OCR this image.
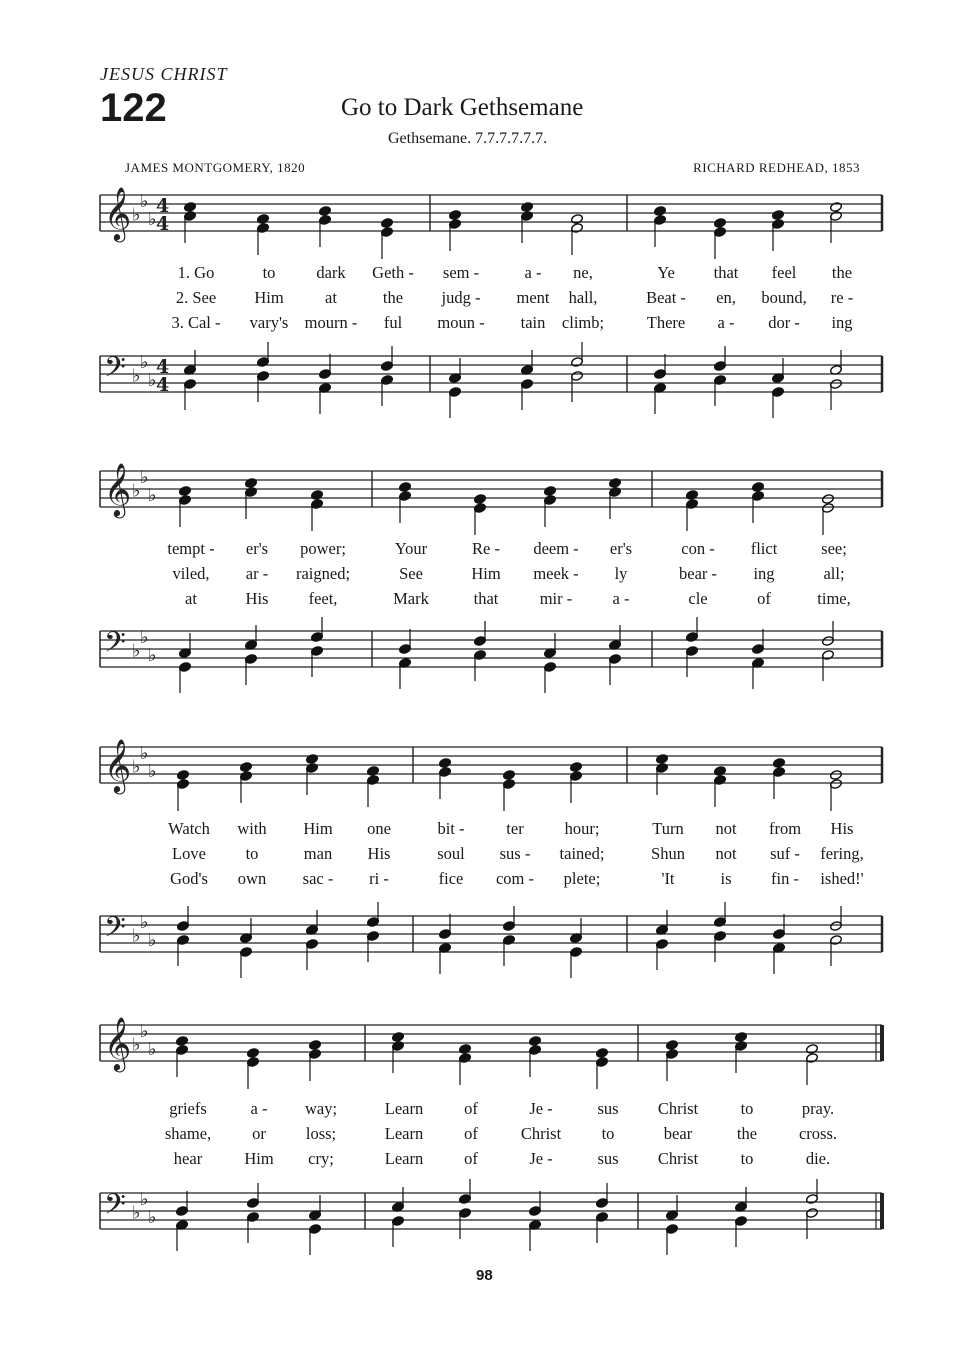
JESUS CHRIST
122	Go to Dark Gethsemane
Gethsemane. 7.7.7.7.7.7.
JAMES MONTGOMERY, 1820	RICHARD REDHEAD, 1853
𝄞 ♭
♭
♭
4
4
𝄢 ♭
♭
♭
4
4
𝄞 ♭
♭
♭
𝄢 ♭
♭
♭
𝄞 ♭
♭
♭
𝄢 ♭
♭
♭
𝄞 ♭
♭
♭
𝄢 ♭
♭
♭
1. Go	to dark Geth - sem -	a - ne,	Ye that feel the
2. See Him	at	the judg - ment hall,	Beat - en, bound, re -
3. Cal - vary's mourn - ful moun - tain climb;	There a - dor - ing
tempt - er's power;	Your	Re - deem - er's	con - flict	see;
viled, ar - raigned;	See	Him meek - ly	bear - ing	all;
at	His feet,	Mark	that	mir - a -	cle	of	time,
Watch with Him one	bit -	ter hour;	Turn not from His
Love to	man His	soul sus - tained;	Shun not suf - fering,
God's own sac - ri -	fice com - plete;	'It	is fin - ished!'
griefs	a - way;	Learn of	Je -	sus Christ	to	pray.
shame, or loss;	Learn of	Christ to	bear	the	cross.
hear	Him cry;	Learn of	Je -	sus Christ	to	die.
98
